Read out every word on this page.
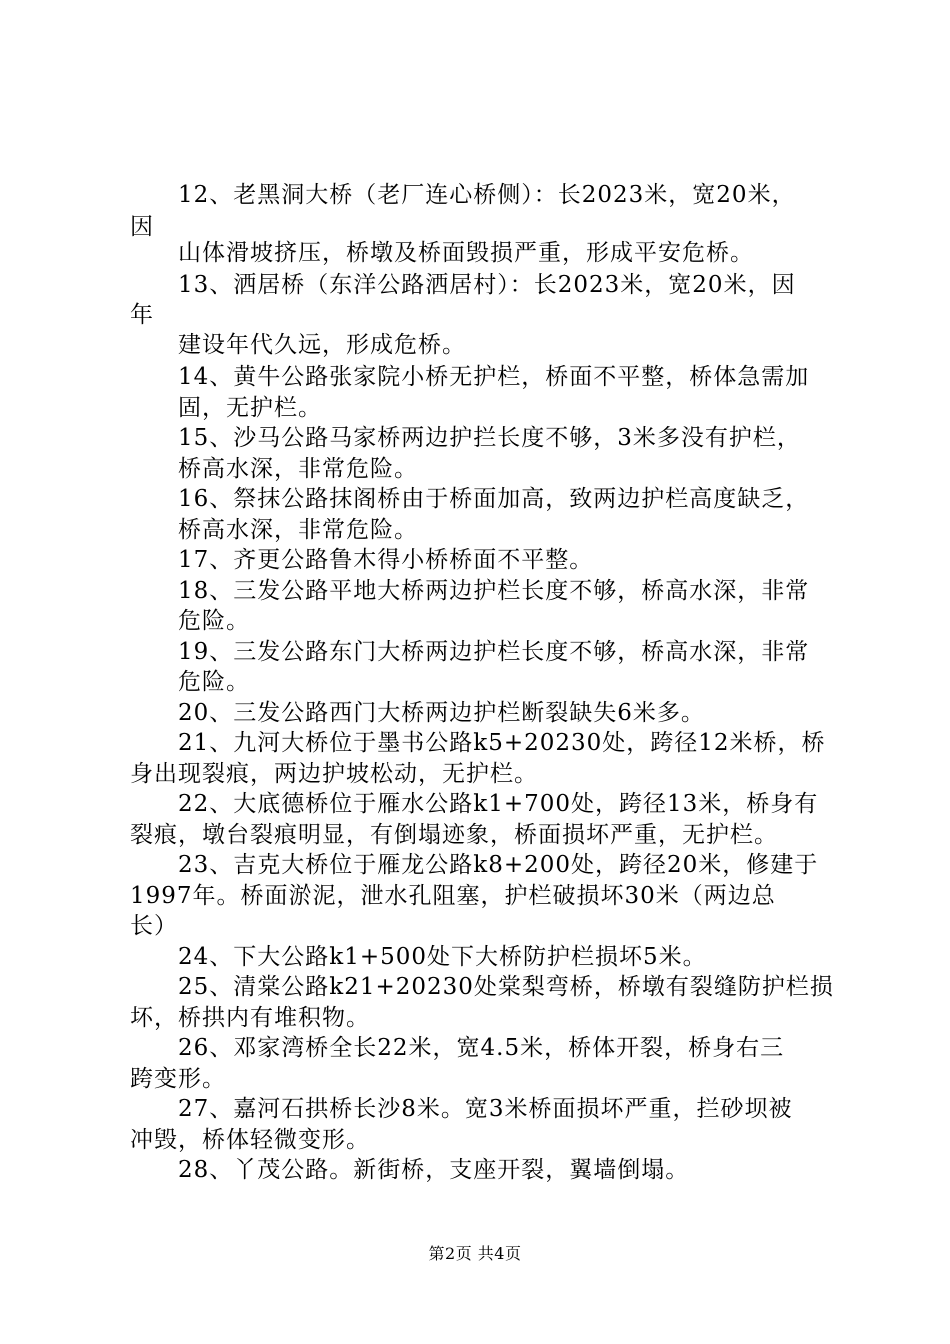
12、老黑洞大桥（老厂连心桥侧）：长2023米，宽20米，
因
山体滑坡挤压，桥墩及桥面毁损严重，形成平安危桥。
13、洒居桥（东洋公路洒居村）：长2023米，宽20米，因
年
建设年代久远，形成危桥。
14、黄牛公路张家院小桥无护栏，桥面不平整，桥体急需加
固，无护栏。
15、沙马公路马家桥两边护拦长度不够，3米多没有护栏，
桥高水深，非常危险。
16、祭抹公路抹阁桥由于桥面加高，致两边护栏高度缺乏，
桥高水深，非常危险。
17、齐更公路鲁木得小桥桥面不平整。
18、三发公路平地大桥两边护栏长度不够，桥高水深，非常
危险。
19、三发公路东门大桥两边护栏长度不够，桥高水深，非常
危险。
20、三发公路西门大桥两边护栏断裂缺失6米多。
21、九河大桥位于墨书公路k5+20230处，跨径12米桥，桥
身出现裂痕，两边护坡松动，无护栏。
22、大底德桥位于雁水公路k1+700处，跨径13米，桥身有
裂痕，墩台裂痕明显，有倒塌迹象，桥面损坏严重，无护栏。
23、吉克大桥位于雁龙公路k8+200处，跨径20米，修建于
1997年。桥面淤泥，泄水孔阻塞，护栏破损坏30米（两边总
长）
24、下大公路k1+500处下大桥防护栏损坏5米。
25、清棠公路k21+20230处棠梨弯桥，桥墩有裂缝防护栏损
坏，桥拱内有堆积物。
26、邓家湾桥全长22米，宽4.5米，桥体开裂，桥身右三
跨变形。
27、嘉河石拱桥长沙8米。宽3米桥面损坏严重，拦砂坝被
冲毁，桥体轻微变形。
28、丫茂公路。新街桥，支座开裂，翼墙倒塌。
第2页 共4页
